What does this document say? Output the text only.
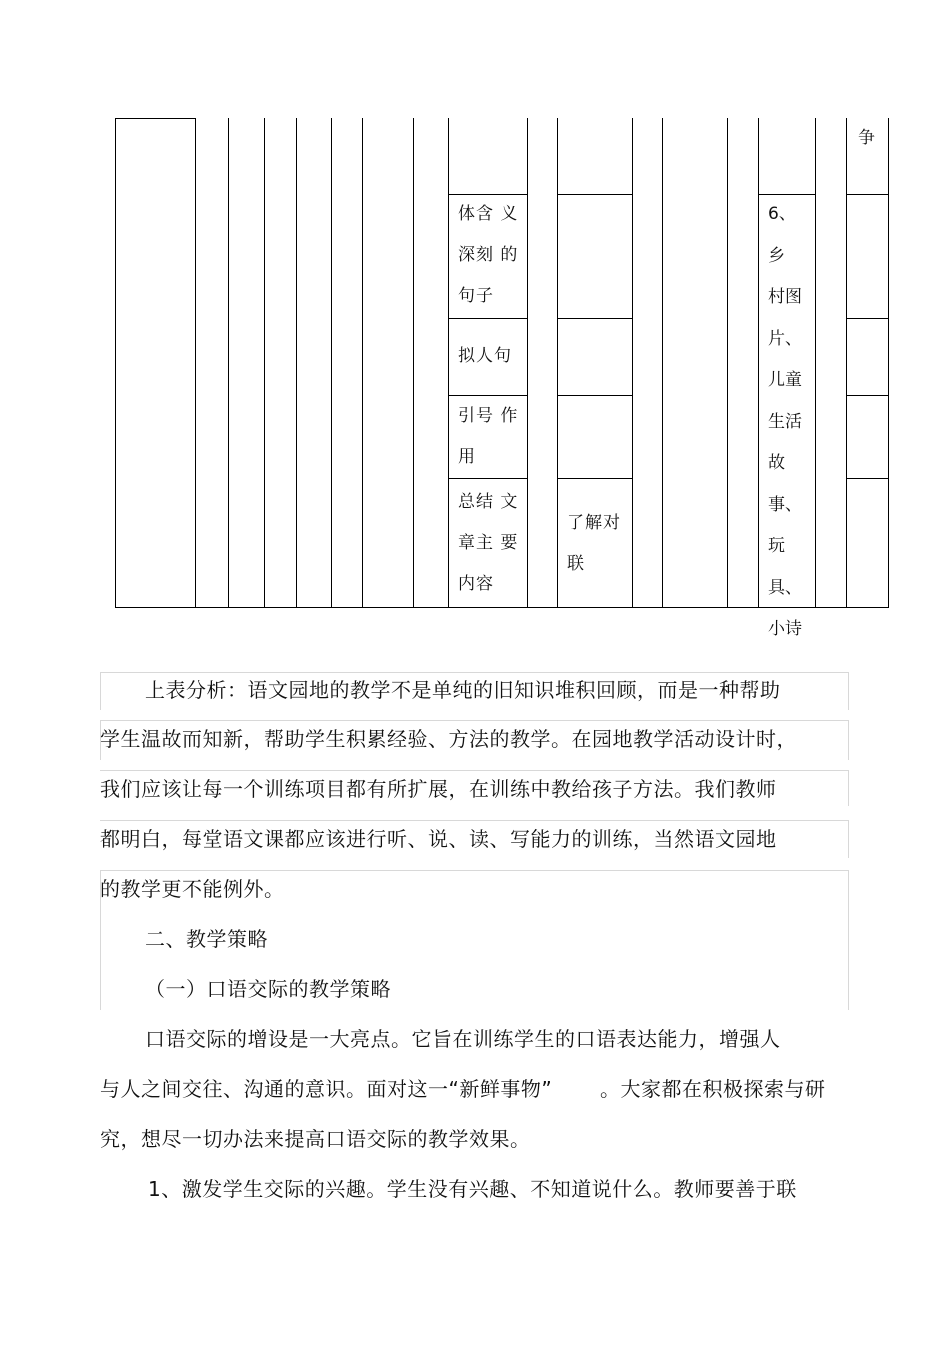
争
体含 义
深刻 的
句子
拟人句
引号 作
用
总结 文
章主 要
内容
了解对
联
6、乡
村图
片、
儿童
生活
故
事、
玩
具、
小诗
上表分析：语文园地的教学不是单纯的旧知识堆积回顾，而是一种帮助
学生温故而知新，帮助学生积累经验、方法的教学。在园地教学活动设计时，
我们应该让每一个训练项目都有所扩展，在训练中教给孩子方法。我们教师
都明白，每堂语文课都应该进行听、说、读、写能力的训练，当然语文园地
的教学更不能例外。
二、教学策略
（一）口语交际的教学策略
口语交际的增设是一大亮点。它旨在训练学生的口语表达能力，增强人
与人之间交往、沟通的意识。面对这一“新鲜事物” 。大家都在积极探索与研
究，想尽一切办法来提高口语交际的教学效果。
1、激发学生交际的兴趣。学生没有兴趣、不知道说什么。教师要善于联
